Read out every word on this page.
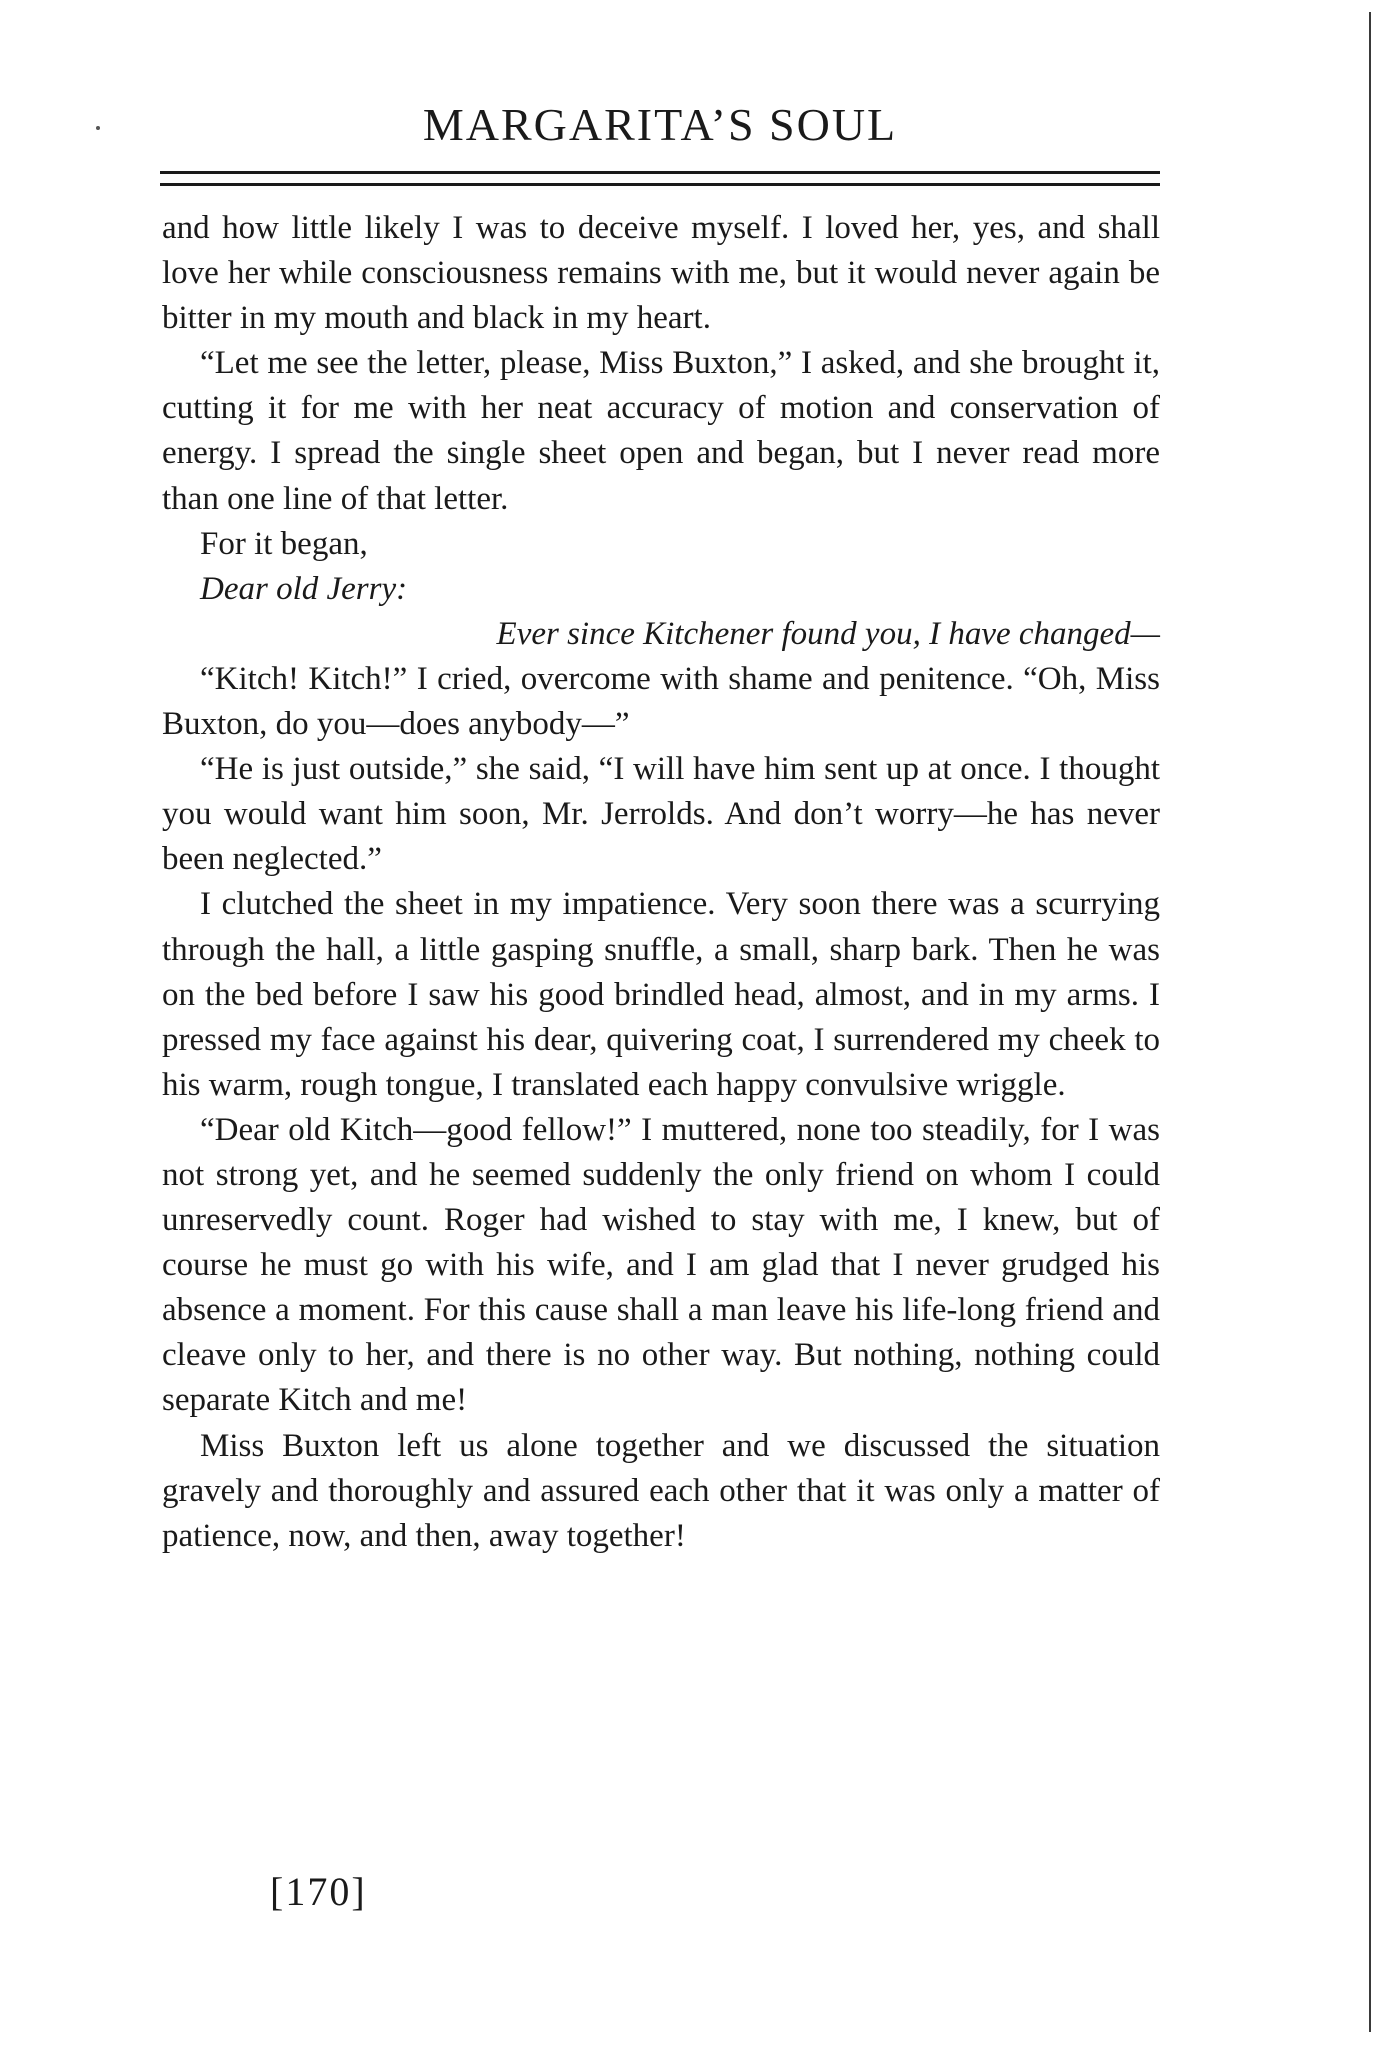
MARGARITA’S SOUL

and how little likely I was to deceive myself. I loved her, yes, and shall love her while consciousness remains with me, but it would never again be bitter in my mouth and black in my heart.

“Let me see the letter, please, Miss Buxton,” I asked, and she brought it, cutting it for me with her neat accuracy of motion and conservation of energy. I spread the single sheet open and began, but I never read more than one line of that letter.

For it began,

Dear old Jerry:

Ever since Kitchener found you, I have changed—

“Kitch! Kitch!” I cried, overcome with shame and penitence. “Oh, Miss Buxton, do you—does anybody—”

“He is just outside,” she said, “I will have him sent up at once. I thought you would want him soon, Mr. Jerrolds. And don’t worry—he has never been neglected.”

I clutched the sheet in my impatience. Very soon there was a scurrying through the hall, a little gasping snuffle, a small, sharp bark. Then he was on the bed before I saw his good brindled head, almost, and in my arms. I pressed my face against his dear, quivering coat, I surrendered my cheek to his warm, rough tongue, I translated each happy convulsive wriggle.

“Dear old Kitch—good fellow!” I muttered, none too steadily, for I was not strong yet, and he seemed suddenly the only friend on whom I could unreservedly count. Roger had wished to stay with me, I knew, but of course he must go with his wife, and I am glad that I never grudged his absence a moment. For this cause shall a man leave his life-long friend and cleave only to her, and there is no other way. But nothing, nothing could separate Kitch and me!

Miss Buxton left us alone together and we discussed the situation gravely and thoroughly and assured each other that it was only a matter of patience, now, and then, away together!

[170]
